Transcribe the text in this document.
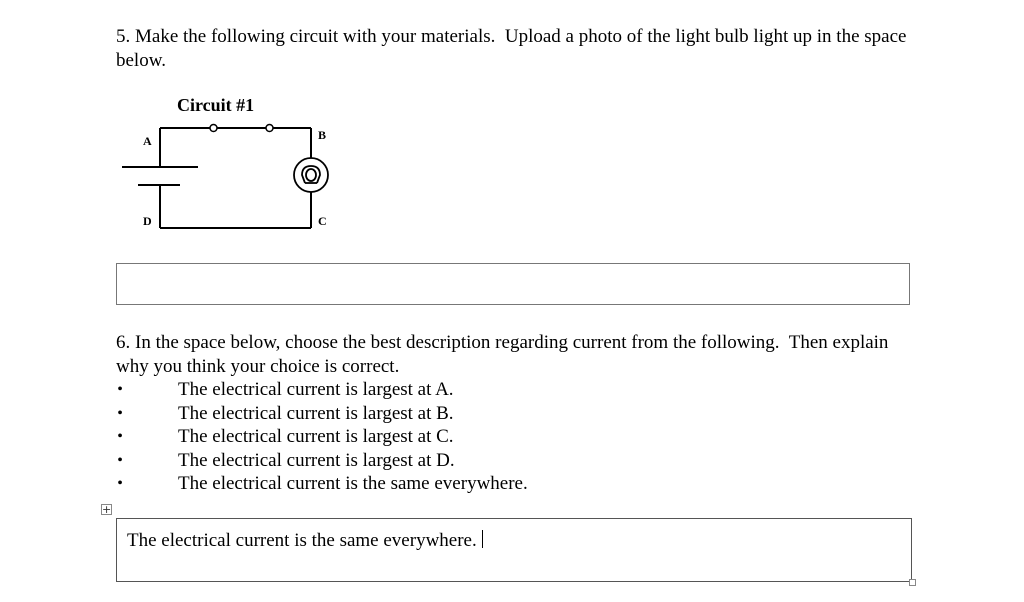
5. Make the following circuit with your materials.  Upload a photo of the light bulb light up in the space below.

Circuit #1
A	B
C
D

6. In the space below, choose the best description regarding current from the following.  Then explain why you think your choice is correct.

•	The electrical current is largest at A.
•	The electrical current is largest at B.
•	The electrical current is largest at C.
•	The electrical current is largest at D.
•	The electrical current is the same everywhere.
+
The electrical current is the same everywhere.
